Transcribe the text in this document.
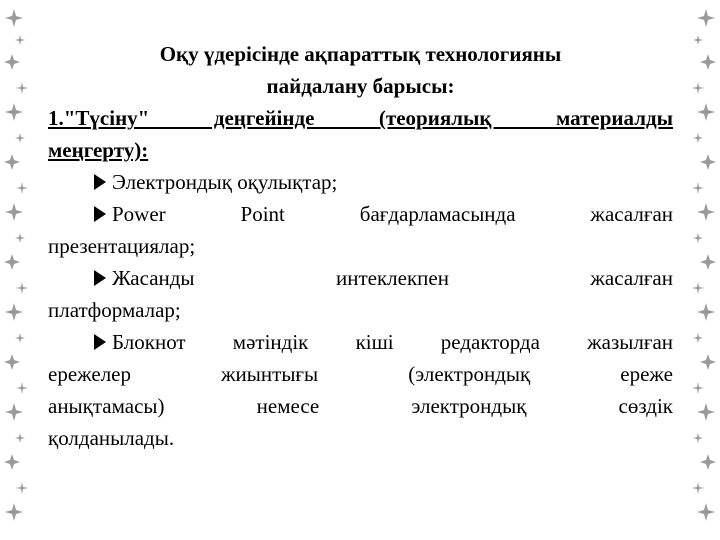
Оқу үдерісінде ақпараттық технологияны
пайдалану барысы:

1."Түсіну" деңгейінде (теориялық материалды
меңгерту):

Электрондық оқулықтар;

Power Point бағдарламасында жасалған
презентациялар;

Жасанды интеклекпен жасалған
платформалар;

Блокнот мәтіндік кіші редакторда жазылған
ережелер жиынтығы (электрондық ереже
анықтамасы) немесе электрондық сөздік
қолданылады.
